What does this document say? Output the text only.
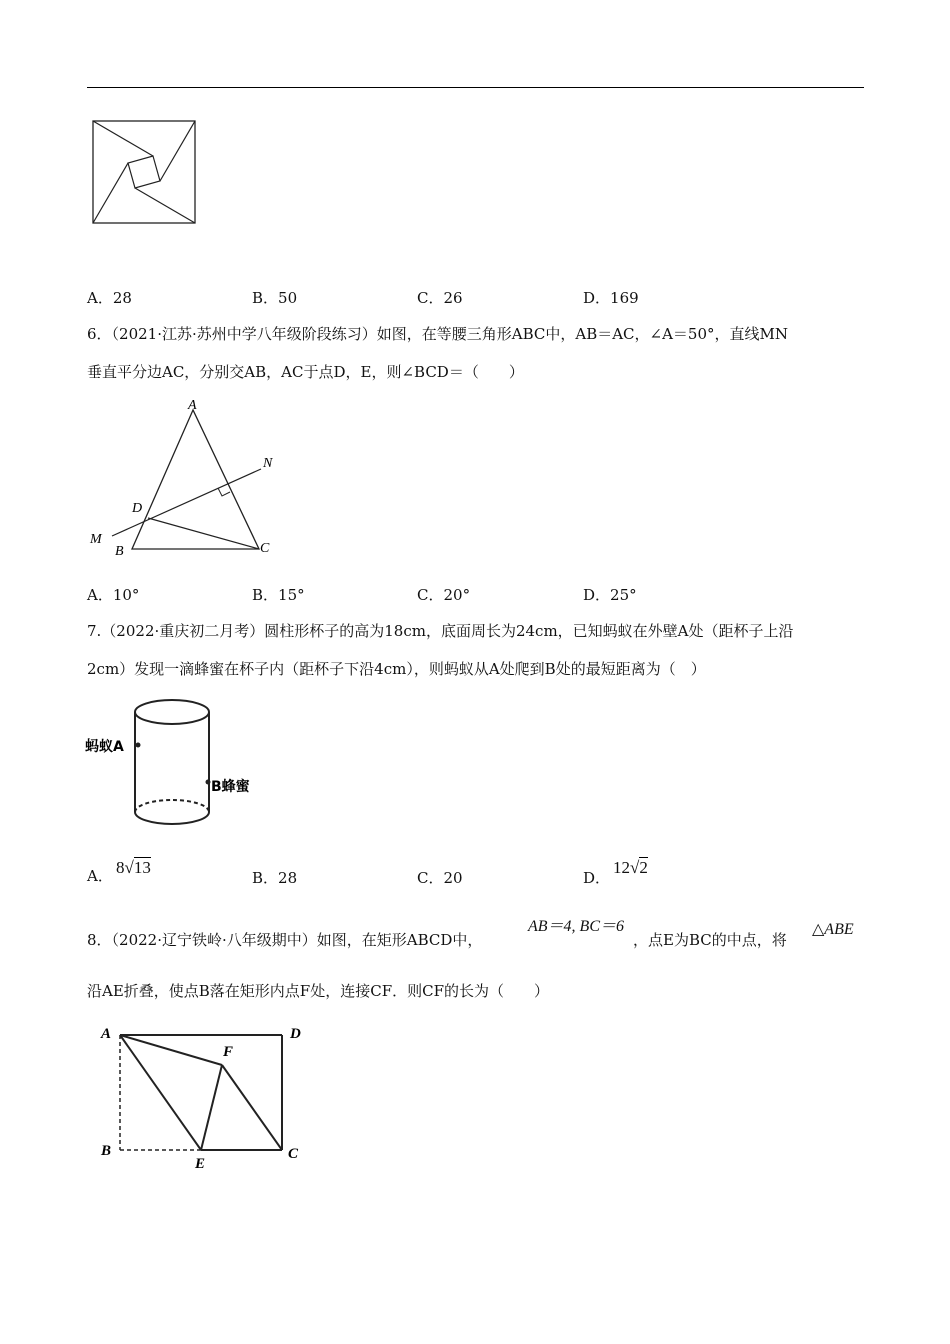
A．28	B．50	C．26	D．169
6．（2021·江苏·苏州中学八年级阶段练习）如图，在等腰三角形ABC中，AB＝AC，∠A＝50°，直线MN
垂直平分边AC，分别交AB，AC于点D，E，则∠BCD＝（　　）
A
D
N
M
B	C
A．10°	B．15°	C．20°	D．25°
7.（2022·重庆初二月考）圆柱形杯子的高为18cm，底面周长为24cm，已知蚂蚁在外壁A处（距杯子上沿
2cm）发现一滴蜂蜜在杯子内（距杯子下沿4cm），则蚂蚁从A处爬到B处的最短距离为（　）
蚂蚁A
B蜂蜜
A． 8√13
B．28	C．20	D．
12√2
8．（2022·辽宁铁岭·八年级期中）如图，在矩形ABCD中，
AB＝4, BC＝6
，点E为BC的中点，将
△ABE
沿AE折叠，使点B落在矩形内点F处，连接CF．则CF的长为（　　）
A	D
F
B
E
C
